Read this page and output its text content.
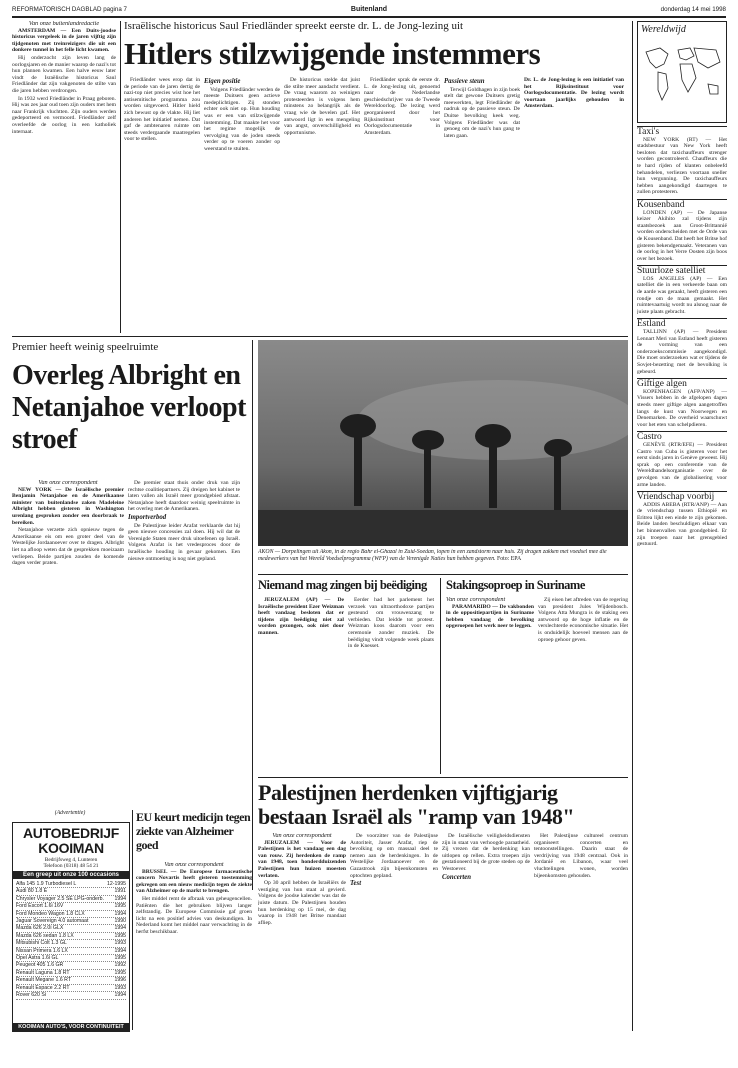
REFORMATORISCH DAGBLAD pagina 7	Buitenland	donderdag 14 mei 1998
Van onze buitenlandredactie

AMSTERDAM — Een Duits-joodse historicus vergeleek in de jaren vijftig zijn tijdgenoten met treinreizigers die uit een donkere tunnel in het felle licht kwamen.

Hij onderzocht zijn leven lang de oorlogsjaren en de manier waarop de nazi's tot hun plannen kwamen. Een halve eeuw later vindt de Israëlische historicus Saul Friedländer dat zijn vakgenoten de stilte van die jaren hebben verdrongen.

In 1932 werd Friedländer in Praag geboren. Hij was zes jaar oud toen zijn ouders met hem naar Frankrijk vluchtten. Zijn ouders werden gedeporteerd en vermoord. Friedländer zelf overleefde de oorlog in een katholiek internaat.

Israëlische historicus Saul Friedländer spreekt eerste dr. L. de Jong-lezing uit
Hitlers stilzwijgende instemmers

Friedländer wees erop dat in de periode van de jaren dertig de nazi-top niet precies wist hoe het antisemitische programma zou worden uitgevoerd. Hitler hield zich bewust op de vlakte. Hij liet anderen het initiatief nemen. Dat gaf de ambtenaren ruimte om steeds verdergaande maatregelen voor te stellen.

Eigen positie

Volgens Friedländer werden de meeste Duitsers geen actieve medeplichtigen. Zij stonden echter ook niet op. Hun houding was er een van stilzwijgende instemming. Dat maakte het voor het regime mogelijk de vervolging van de joden steeds verder op te voeren zonder op weerstand te stuiten.

De historicus stelde dat juist die stilte meer aandacht verdient. De vraag waarom zo weinigen protesteerden is volgens hem minstens zo belangrijk als de vraag wie de bevelen gaf. Het antwoord ligt in een mengeling van angst, onverschilligheid en opportunisme.

Friedländer sprak de eerste dr. L. de Jong-lezing uit, genoemd naar de Nederlandse geschiedschrijver van de Tweede Wereldoorlog. De lezing werd georganiseerd door het Rijksinstituut voor Oorlogsdocumentatie in Amsterdam.

Passieve steun

Terwijl Goldhagen in zijn boek stelt dat gewone Duitsers gretig meewerkten, legt Friedländer de nadruk op de passieve steun. De Duitse bevolking keek weg. Volgens Friedländer was dat genoeg om de nazi's hun gang te laten gaan.

Dr. L. de Jong-lezing is een initiatief van het Rijksinstituut voor Oorlogsdocumentatie. De lezing wordt voortaan jaarlijks gehouden in Amsterdam.

Wereldwijd
Taxi's

NEW YORK (RT) — Het stadsbestuur van New York heeft besloten dat taxichauffeurs strenger worden gecontroleerd. Chauffeurs die te hard rijden of klanten onbeleefd behandelen, verliezen voortaan sneller hun vergunning. De taxichauffeurs hebben aangekondigd daartegen te zullen protesteren.

Kousenband

LONDEN (AP) — De Japanse keizer Akihito zal tijdens zijn staatsbezoek aan Groot-Brittannië worden onderscheiden met de Orde van de Kousenband. Dat heeft het Britse hof gisteren bekendgemaakt. Veteranen van de oorlog in het Verre Oosten zijn boos over het bezoek.

Stuurloze satelliet

LOS ANGELES (AP) — Een satelliet die in een verkeerde baan om de aarde was geraakt, heeft gisteren een rondje om de maan gemaakt. Het ruimtevaartuig wordt nu alsnog naar de juiste plaats gebracht.

Estland

TALLINN (AP) — President Lennart Meri van Estland heeft gisteren de vorming van een onderzoekscommissie aangekondigd. Die moet onderzoeken wat er tijdens de Sovjet-bezetting met de bevolking is gebeurd.

Giftige algen

KOPENHAGEN (AFP/ANP) — Vissers hebben in de afgelopen dagen steeds meer giftige algen aangetroffen langs de kust van Noorwegen en Denemarken. De overheid waarschuwt voor het eten van schelpdieren.

Castro

GENÈVE (RTR/EFE) — President Castro van Cuba is gisteren voor het eerst sinds jaren in Genève geweest. Hij sprak op een conferentie van de Wereldhandelsorganisatie over de gevolgen van de globalisering voor arme landen.

Vriendschap voorbij

ADDIS ABEBA (RTR/ANP) — Aan de vriendschap tussen Ethiopië en Eritrea lijkt een einde te zijn gekomen. Beide landen beschuldigen elkaar van het binnenvallen van grondgebied. Er zijn troepen naar het grensgebied gestuurd.

Premier heeft weinig speelruimte
Overleg Albright en Netanjahoe verloopt stroef
Van onze correspondent

NEW YORK — De Israëlische premier Benjamin Netanjahoe en de Amerikaanse minister van buitenlandse zaken Madeleine Albright hebben gisteren in Washington urenlang gesproken zonder een doorbraak te bereiken.

Netanjahoe verzette zich opnieuw tegen de Amerikaanse eis om een groter deel van de Westelijke Jordaanoever over te dragen. Albright liet na afloop weten dat de gesprekken moeizaam verliepen. Beide partijen zouden de komende dagen verder praten.

De premier staat thuis onder druk van zijn rechtse coalitiepartners. Zij dreigen het kabinet te laten vallen als Israël meer grondgebied afstaat. Netanjahoe heeft daardoor weinig speelruimte in het overleg met de Amerikanen.

Importverbod

De Palestijnse leider Arafat verklaarde dat hij geen nieuwe concessies zal doen. Hij wil dat de Verenigde Staten meer druk uitoefenen op Israël. Volgens Arafat is het vredesproces door de Israëlische houding in gevaar gekomen. Een nieuwe ontmoeting is nog niet gepland.

AKON — Dorpelingen uit Akon, in de regio Bahr el-Ghazal in Zuid-Soedan, lopen in een zandstorm naar huis. Zij dragen zakken met voedsel mee die medewerkers van het Wereld Voedselprogramma (WFP) van de Verenigde Naties hun hebben gegeven. Foto: EPA
Niemand mag zingen bij beëdiging

JERUZALEM (AP) — De Israëlische president Ezer Weizman heeft vandaag besloten dat er tijdens zijn beëdiging niet zal worden gezongen, ook niet door mannen.

Eerder had het parlement het verzoek van ultraorthodoxe partijen gesteund om vrouwenzang te verbieden. Dat leidde tot protest. Weizman koos daarom voor een ceremonie zonder muziek. De beëdiging vindt volgende week plaats in de Knesset.

Stakingsoproep in Suriname
Van onze correspondent

PARAMARIBO — De vakbonden in de oppositiepartijen in Suriname hebben vandaag de bevolking opgeroepen het werk neer te leggen.

Zij eisen het aftreden van de regering van president Jules Wijdenbosch. Volgens Atta Mungra is de staking een antwoord op de hoge inflatie en de verslechterde economische situatie. Het is onduidelijk hoeveel mensen aan de oproep gehoor geven.

Palestijnen herdenken vijftigjarig bestaan Israël als "ramp van 1948"
Van onze correspondent

JERUZALEM — Voor de Palestijnen is het vandaag een dag van rouw. Zij herdenken de ramp van 1948, toen honderdduizenden Palestijnen hun huizen moesten verlaten.

Op 30 april hebben de Israëliërs de vestiging van hun staat al gevierd. Volgens de joodse kalender was dat de juiste datum. De Palestijnen houden hun herdenking op 15 mei, de dag waarop in 1948 het Britse mandaat afliep.

De voorzitter van de Palestijnse Autoriteit, Jasser Arafat, riep de bevolking op om massaal deel te nemen aan de herdenkingen. In de Westelijke Jordaanoever en de Gazastrook zijn bijeenkomsten en optochten gepland.

Test

De Israëlische veiligheidsdiensten zijn in staat van verhoogde paraatheid. Zij vrezen dat de herdenking kan uitlopen op rellen. Extra troepen zijn gestationeerd bij de grote steden op de Westoever.

Concerten

Het Palestijnse cultureel centrum organiseert concerten en tentoonstellingen. Daarin staat de verdrijving van 1948 centraal. Ook in Jordanië en Libanon, waar veel vluchtelingen wonen, worden bijeenkomsten gehouden.

(Advertentie)
AUTOBEDRIJF KOOIMAN
Bedrijfsweg 4, Lunteren
Telefoon (0318) 48 54 21
Een greep uit onze 100 occasions
Alfa 145 1.9 Turbodiesel L	12-1995
Audi 80 1.8 E	1991
Chrysler Voyager 2.5 SE LPG-onderb. 1994
Ford Escort 1.6i 16V	1995
Ford Mondeo Wagon 1.8 CLX	1994
Jaguar Sovereign 4.0 automaat	1990
Mazda 626 2.0i GLX	1994
Mazda 626 sedan 1.8 LX	1995
Mitsubishi Colt 1.3 GL	1993
Nissan Primera 1.6 LX	1994
Opel Astra 1.6i GL	1995
Peugeot 405 1.6 GR	1992
Renault Laguna 1.8 RT	1995
Renault Megane 1.6 RT	1996
Renault Espace 2.2 RT	1993
Rover 620 Si	1994
KOOIMAN AUTO'S, VOOR CONTINUITEIT
EU keurt medicijn tegen ziekte van Alzheimer goed
Van onze correspondent

BRUSSEL — De Europese farmaceutische concern Novartis heeft gisteren toestemming gekregen om een nieuw medicijn tegen de ziekte van Alzheimer op de markt te brengen.

Het middel remt de afbraak van geheugencellen. Patiënten die het gebruiken blijven langer zelfstandig. De Europese Commissie gaf groen licht na een positief advies van deskundigen. In Nederland komt het middel naar verwachting in de herfst beschikbaar.
